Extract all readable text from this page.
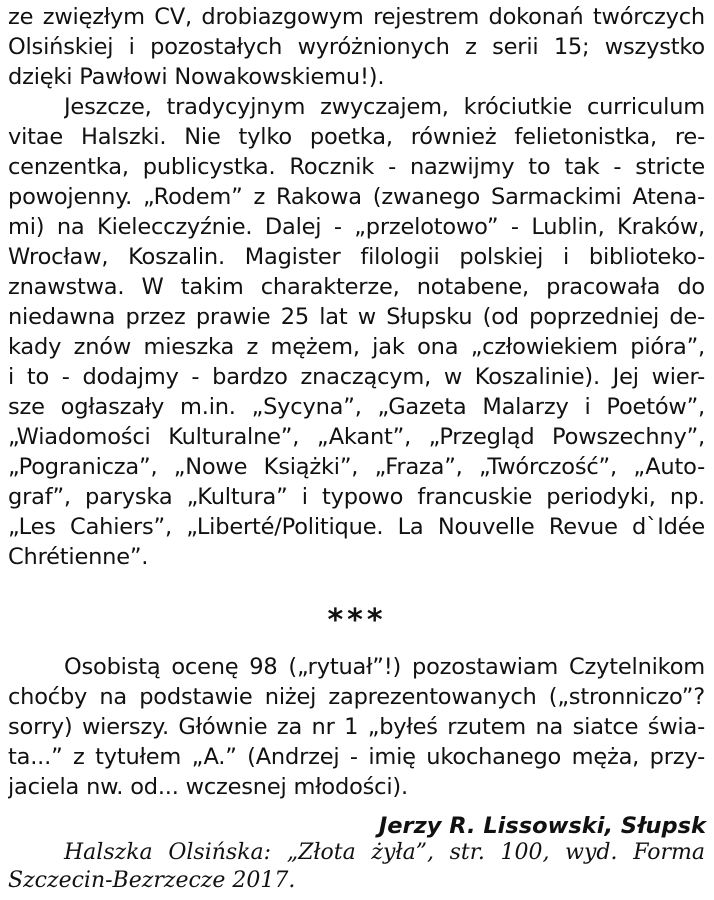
ze zwięzłym CV, drobiazgowym rejestrem dokonań twórczych
Olsińskiej i pozostałych wyróżnionych z serii 15; wszystko
dzięki Pawłowi Nowakowskiemu!).
Jeszcze, tradycyjnym zwyczajem, króciutkie curriculum
vitae Halszki. Nie tylko poetka, również felietonistka, re-
cenzentka, publicystka. Rocznik - nazwijmy to tak - stricte
powojenny. „Rodem” z Rakowa (zwanego Sarmackimi Atena-
mi) na Kielecczyźnie. Dalej - „przelotowo” - Lublin, Kraków,
Wrocław, Koszalin. Magister filologii polskiej i biblioteko-
znawstwa. W takim charakterze, notabene, pracowała do
niedawna przez prawie 25 lat w Słupsku (od poprzedniej de-
kady znów mieszka z mężem, jak ona „człowiekiem pióra”,
i to - dodajmy - bardzo znaczącym, w Koszalinie). Jej wier-
sze ogłaszały m.in. „Sycyna”, „Gazeta Malarzy i Poetów”,
„Wiadomości Kulturalne”, „Akant”, „Przegląd Powszechny”,
„Pogranicza”, „Nowe Książki”, „Fraza”, „Twórczość”, „Auto-
graf”, paryska „Kultura” i typowo francuskie periodyki, np.
„Les Cahiers”, „Liberté/Politique. La Nouvelle Revue d`Idée
Chrétienne”.
***
Osobistą ocenę 98 („rytuał”!) pozostawiam Czytelnikom
choćby na podstawie niżej zaprezentowanych („stronniczo”?
sorry) wierszy. Głównie za nr 1 „byłeś rzutem na siatce świa-
ta...” z tytułem „A.” (Andrzej - imię ukochanego męża, przy-
jaciela nw. od... wczesnej młodości).
Jerzy R. Lissowski, Słupsk
Halszka Olsińska: „Złota żyła”, str. 100, wyd. Forma
Szczecin-Bezrzecze 2017.
